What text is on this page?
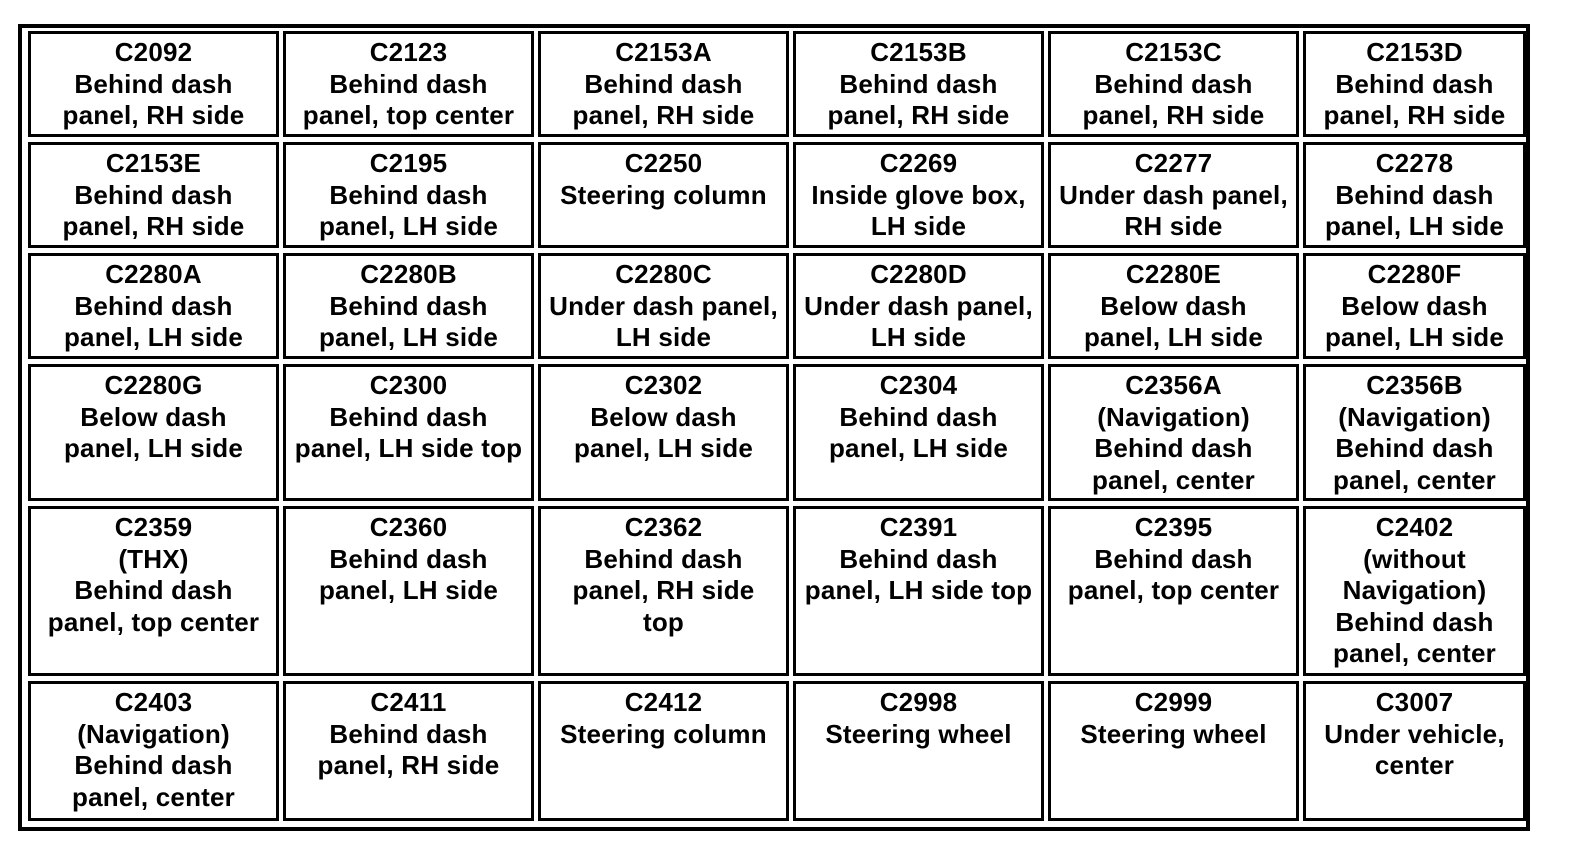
C2092
Behind dash
panel, RH side
C2123
Behind dash
panel, top center
C2153A
Behind dash
panel, RH side
C2153B
Behind dash
panel, RH side
C2153C
Behind dash
panel, RH side
C2153D
Behind dash
panel, RH side
C2153E
Behind dash
panel, RH side
C2195
Behind dash
panel, LH side
C2250
Steering column
C2269
Inside glove box,
LH side
C2277
Under dash panel,
RH side
C2278
Behind dash
panel, LH side
C2280A
Behind dash
panel, LH side
C2280B
Behind dash
panel, LH side
C2280C
Under dash panel,
LH side
C2280D
Under dash panel,
LH side
C2280E
Below dash
panel, LH side
C2280F
Below dash
panel, LH side
C2280G
Below dash
panel, LH side
C2300
Behind dash
panel, LH side top
C2302
Below dash
panel, LH side
C2304
Behind dash
panel, LH side
C2356A
(Navigation)
Behind dash
panel, center
C2356B
(Navigation)
Behind dash
panel, center
C2359
(THX)
Behind dash
panel, top center
C2360
Behind dash
panel, LH side
C2362
Behind dash
panel, RH side
top
C2391
Behind dash
panel, LH side top
C2395
Behind dash
panel, top center
C2402
(without
Navigation)
Behind dash
panel, center
C2403
(Navigation)
Behind dash
panel, center
C2411
Behind dash
panel, RH side
C2412
Steering column
C2998
Steering wheel
C2999
Steering wheel
C3007
Under vehicle,
center
